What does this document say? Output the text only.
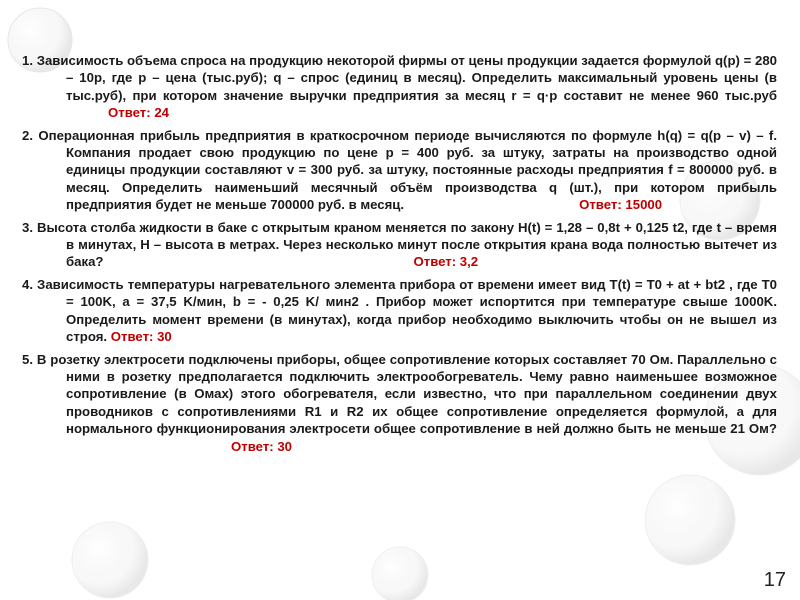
1. Зависимость объема спроса на продукцию некоторой фирмы от цены продукции задается формулой q(p) = 280 – 10p, где p – цена (тыс.руб); q – спрос (единиц в месяц). Определить максимальный уровень цены (в тыс.руб), при котором значение выручки предприятия за месяц r = q·p составит не менее 960 тыс.рубОтвет: 24
2. Операционная прибыль предприятия в краткосрочном периоде вычисляются по формуле h(q) = q(p – v) – f. Компания продает свою продукцию по цене p = 400 руб. за штуку, затраты на производство одной единицы продукции составляют v = 300 руб. за штуку, постоянные расходы предприятия f = 800000 руб. в месяц. Определить наименьший месячный объём производства q (шт.), при котором прибыль предприятия будет не меньше 700000 руб. в месяц.	Ответ: 15000
3. Высота столба жидкости в баке с открытым краном меняется по закону H(t) = 1,28 – 0,8t + 0,125 t2, где t – время в минутах, H – высота в метрах. Через несколько минут после открытия крана вода полностью вытечет из бака?	Ответ: 3,2
4. Зависимость температуры нагревательного элемента прибора от времени имеет вид T(t) = T0 + at + bt2 , где T0 = 100K, a = 37,5 K/мин, b = - 0,25 K/ мин2 . Прибор может испортится при температуре свыше 1000K. Определить момент времени (в минутах), когда прибор необходимо выключить чтобы он не вышел из строя. Ответ: 30
5. В розетку электросети подключены приборы, общее сопротивление которых составляет 70 Ом. Параллельно с ними в розетку предполагается подключить электрообогреватель. Чему равно наименьшее возможное сопротивление (в Омах) этого обогревателя, если известно, что при параллельном соединении двух проводников с сопротивлениями R1 и R2 их общее сопротивление определяется формулой, а для нормального функционирования электросети общее сопротивление в ней должно быть не меньше 21 Ом?Ответ: 30
17
